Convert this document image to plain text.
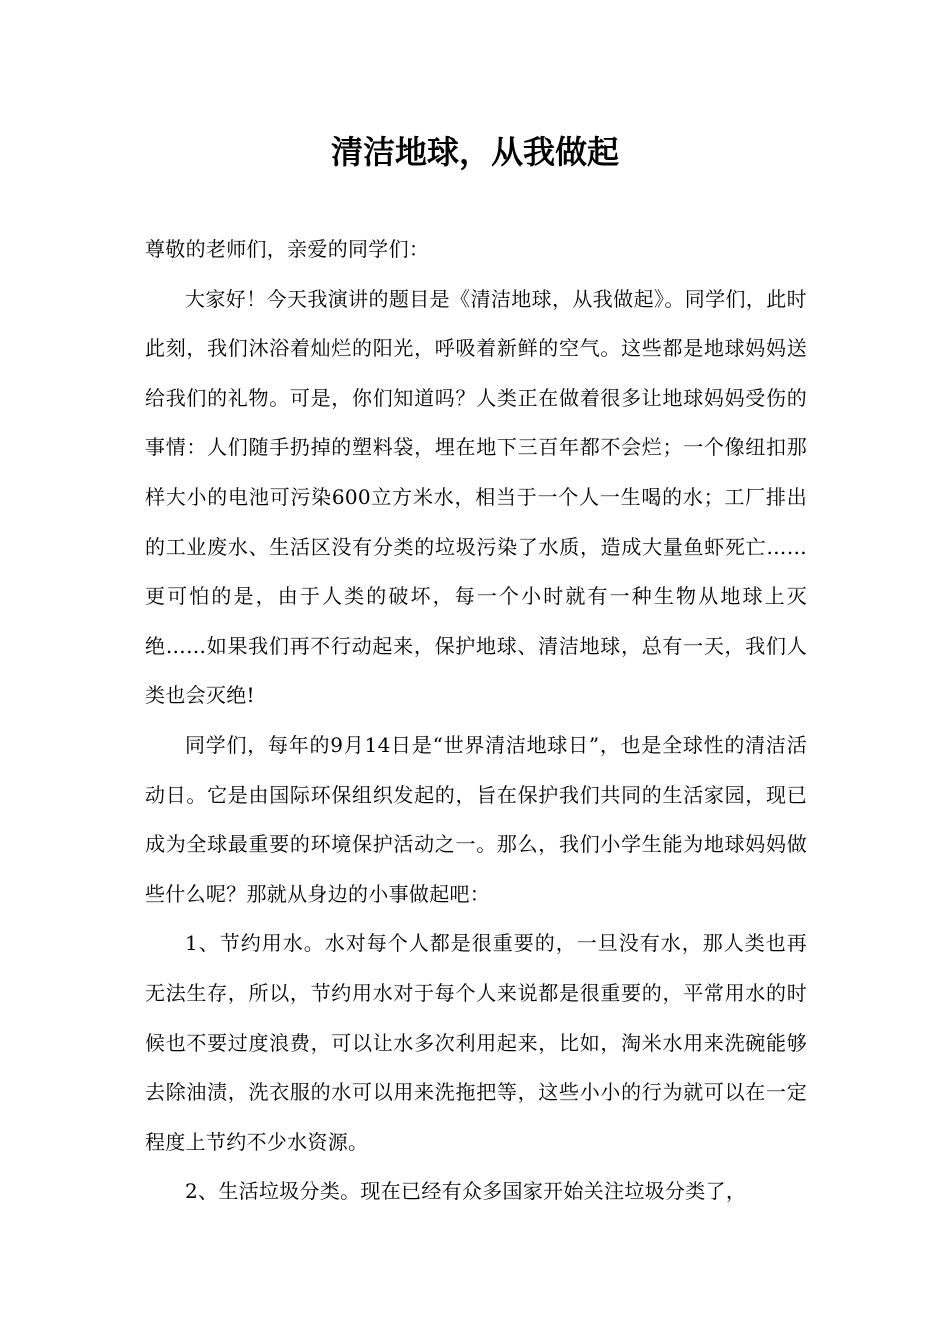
清洁地球，从我做起

尊敬的老师们，亲爱的同学们：

大家好！今天我演讲的题目是《清洁地球，从我做起》。同学们，此时此刻，我们沐浴着灿烂的阳光，呼吸着新鲜的空气。这些都是地球妈妈送给我们的礼物。可是，你们知道吗？人类正在做着很多让地球妈妈受伤的事情：人们随手扔掉的塑料袋，埋在地下三百年都不会烂；一个像纽扣那样大小的电池可污染600立方米水，相当于一个人一生喝的水；工厂排出的工业废水、生活区没有分类的垃圾污染了水质，造成大量鱼虾死亡……更可怕的是，由于人类的破坏，每一个小时就有一种生物从地球上灭绝……如果我们再不行动起来，保护地球、清洁地球，总有一天，我们人类也会灭绝!

同学们，每年的9月14日是“世界清洁地球日”，也是全球性的清洁活动日。它是由国际环保组织发起的，旨在保护我们共同的生活家园，现已成为全球最重要的环境保护活动之一。那么，我们小学生能为地球妈妈做些什么呢？那就从身边的小事做起吧：

1、节约用水。水对每个人都是很重要的，一旦没有水，那人类也再无法生存，所以，节约用水对于每个人来说都是很重要的，平常用水的时候也不要过度浪费，可以让水多次利用起来，比如，淘米水用来洗碗能够去除油渍，洗衣服的水可以用来洗拖把等，这些小小的行为就可以在一定程度上节约不少水资源。

2、生活垃圾分类。现在已经有众多国家开始关注垃圾分类了，
